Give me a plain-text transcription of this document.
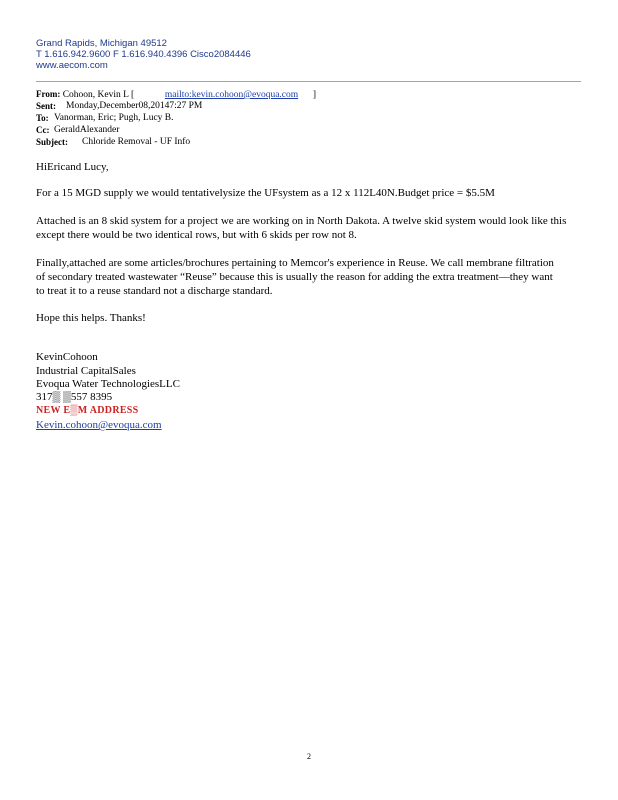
Grand Rapids, Michigan 49512
T 1.616.942.9600 F 1.616.940.4396 Cisco2084446
www.aecom.com
From: Cohoon, Kevin L [	mailto:kevin.cohoon@evoqua.com ]
Sent: Monday,December08,20147:27 PM
To: Vanorman, Eric; Pugh, Lucy B.
Cc: GeraldAlexander
Subject: Chloride Removal - UF Info
HiEricand Lucy,
For a 15 MGD supply we would tentativelysize the UFsystem as a 12 x 112L40N.Budget price = $5.5M
Attached is an 8 skid system for a project we are working on in North Dakota. A twelve skid system would look like this
except there would be two identical rows, but with 6 skids per row not 8.
Finally,attached are some articles/brochures pertaining to Memcor's experience in Reuse. We call membrane filtration
of secondary treated wastewater “Reuse” because this is usually the reason for adding the extra treatment—they want
to treat it to a reuse standard not a discharge standard.
Hope this helps. Thanks!
KevinCohoon
Industrial CapitalSales
Evoqua Water TechnologiesLLC
317▒ ▒557 8395
NEW E▒M ADDRESS
Kevin.cohoon@evoqua.com
2
